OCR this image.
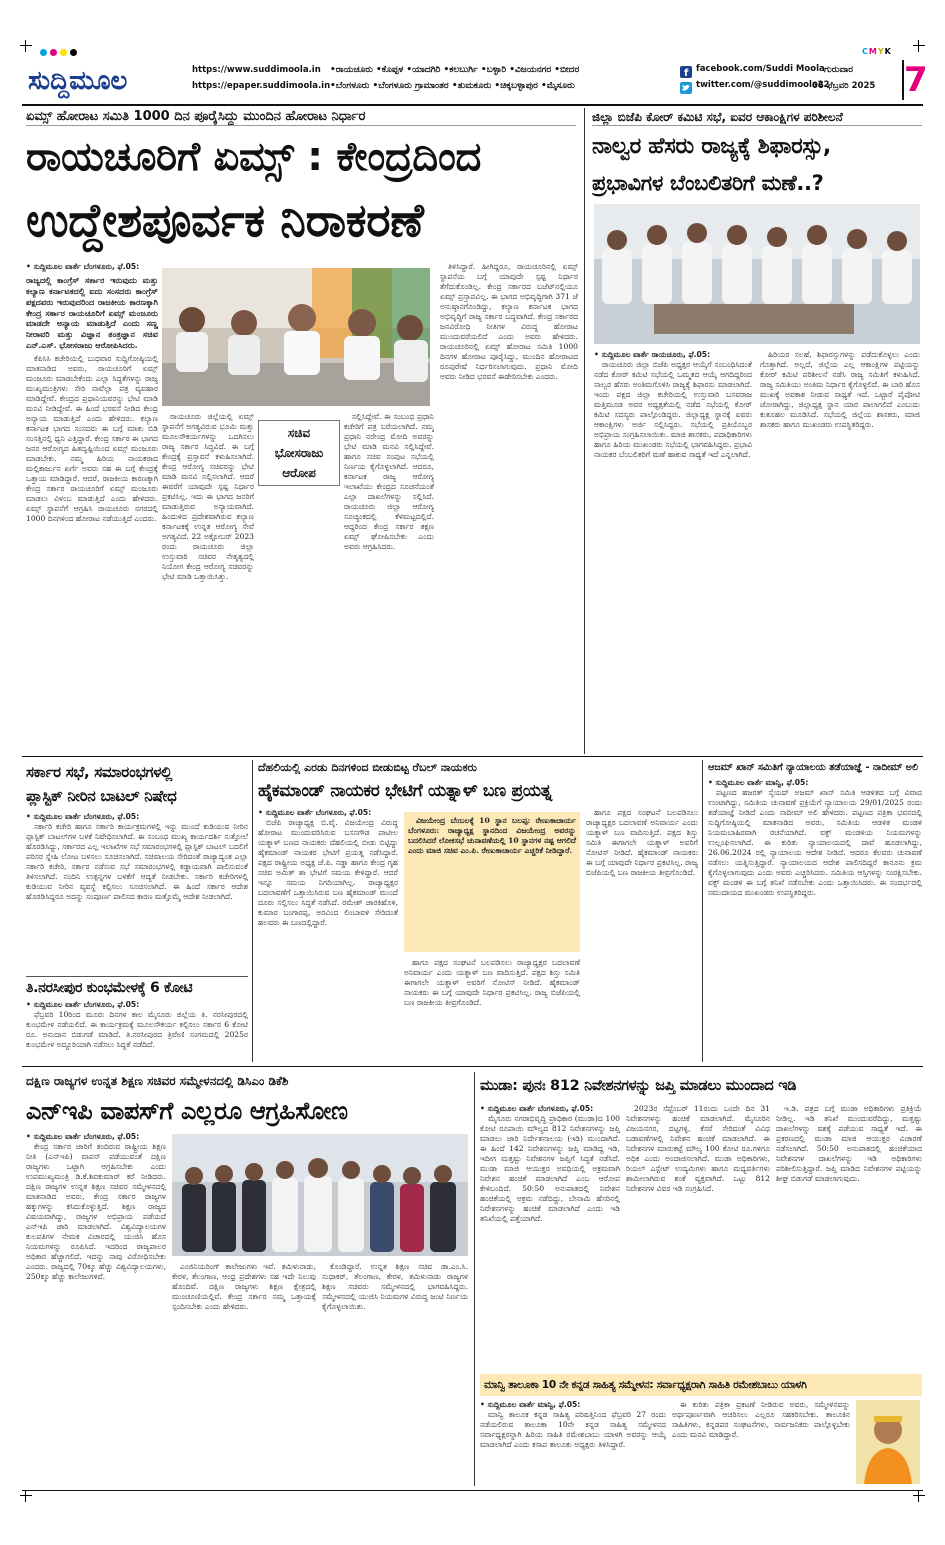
CMYK
ಸುದ್ದಿಮೂಲ	https://www.suddimoola.in
https://epaper.suddimoola.in
•ರಾಯಚೂರು •ಕೊಪ್ಪಳ •ಯಾದಗಿರಿ •ಕಲಬುರ್ಗಿ •ಬಳ್ಳಾರಿ •ವಿಜಯನಗರ •ಬೀದರ
•ಬೆಂಗಳೂರು •ಬೆಂಗಳೂರು ಗ್ರಾಮಾಂತರ •ತುಮಕೂರು •ಚಿಕ್ಕಬಳ್ಳಾಪುರ •ಮೈಸೂರು
f facebook.com/Suddi Moola
twitter.com/@suddimoola22
ಗುರುವಾರ
06 ಫೆಬ್ರವರಿ 2025 7
ಏಮ್ಸ್ ಹೋರಾಟ ಸಮಿತಿ 1000 ದಿನ ಪೂರೈಸಿದ್ದು ಮುಂದಿನ ಹೋರಾಟ ನಿರ್ಧಾರ
ರಾಯಚೂರಿಗೆ ಏಮ್ಸ್ : ಕೇಂದ್ರದಿಂದ
ಉದ್ದೇಶಪೂರ್ವಕ ನಿರಾಕರಣೆ
• ಸುದ್ದಿಮೂಲ ವಾರ್ತೆ ಬೆಂಗಳೂರು, ಫೆ.05:
ರಾಜ್ಯದಲ್ಲಿ ಕಾಂಗ್ರೆಸ್ ಸರ್ಕಾರ ಇರುವುದು ಮತ್ತು ಕಲ್ಯಾಣ ಕರ್ನಾಟಕದಲ್ಲಿ ಐದು ಸಂಸದರು ಕಾಂಗ್ರೆಸ್ ಪಕ್ಷದವರು ಇರುವುದರಿಂದ ರಾಜಕೀಯ ಕಾರಣಕ್ಕಾಗಿ ಕೇಂದ್ರ ಸರ್ಕಾರ ರಾಯಚೂರಿಗೆ ಏಮ್ಸ್ ಮಂಜೂರು ಮಾಡದೇ ಅನ್ಯಾಯ ಮಾಡುತ್ತಿದೆ ಎಂದು ಸಣ್ಣ ನೀರಾವರಿ ಮತ್ತು ವಿಜ್ಞಾನ ತಂತ್ರಜ್ಞಾನ ಸಚಿವ ಎನ್.ಎಸ್. ಭೋಸರಾಜು ಆರೋಪಿಸಿದರು.

ಕೆಪಿಸಿಸಿ ಕಚೇರಿಯಲ್ಲಿ ಬುಧವಾರ ಸುದ್ದಿಗೋಷ್ಠಿಯಲ್ಲಿ ಮಾತನಾಡಿದ ಅವರು, ರಾಯಚೂರಿಗೆ ಏಮ್ಸ್ ಮಂಜೂರು ಮಾಡಬೇಕೆಂದು ಎಲ್ಲಾ ಸಿದ್ಧತೆಗಳನ್ನು ರಾಜ್ಯ ಮುಖ್ಯಮಂತ್ರಿಗಳು ಸೇರಿ ನಾವೆಲ್ಲಾ ಪತ್ರ ವ್ಯವಹಾರ ಮಾಡಿದ್ದೇವೆ. ಕೇಂದ್ರದ ಪ್ರಧಾನಿಯವರನ್ನು ಭೇಟಿ ಮಾಡಿ ಮನವಿ ನೀಡಿದ್ದೇವೆ. ಈ ಹಿಂದೆ ಭರವಸೆ ನೀಡಿದ ಕೇಂದ್ರ ಅನ್ಯಾಯ ಮಾಡುತ್ತಿದೆ ಎಂದು ಹೇಳಿದರು. ಕಲ್ಯಾಣ ಕರ್ನಾಟಕ ಭಾಗದ ಸಂಸದರು ಈ ಬಗ್ಗೆ ಮಾತು ಬಿಡಿ ಸಂಸತ್ತಿನಲ್ಲಿ ಧ್ವನಿ ಎತ್ತಿದ್ದಾರೆ. ಕೇಂದ್ರ ಸರ್ಕಾರ ಈ ಭಾಗದ ಜನರ ಆರೋಗ್ಯದ ಹಿತದೃಷ್ಟಿಯಿಂದ ಏಮ್ಸ್ ಮಂಜೂರು ಮಾಡಬೇಕು. ನಮ್ಮ ಹಿರಿಯ ನಾಯಕರಾದ ಮಲ್ಲಿಕಾರ್ಜುನ ಖರ್ಗೆ ಅವರು ಸಹ ಈ ಬಗ್ಗೆ ಕೇಂದ್ರಕ್ಕೆ ಒತ್ತಾಯ ಮಾಡಿದ್ದಾರೆ. ಆದರೆ, ರಾಜಕೀಯ ಕಾರಣಕ್ಕಾಗಿ ಕೇಂದ್ರ ಸರ್ಕಾರ ರಾಯಚೂರಿಗೆ ಏಮ್ಸ್ ಮಂಜೂರು ಮಾಡಲು ವಿಳಂಬ ಮಾಡುತ್ತಿದೆ ಎಂದು ಹೇಳಿದರು. ಏಮ್ಸ್ ಸ್ಥಾಪನೆಗೆ ಆಗ್ರಹಿಸಿ ರಾಯಚೂರು ನಗರದಲ್ಲಿ 1000 ದಿನಗಳಿಂದ ಹೋರಾಟ ನಡೆಯುತ್ತಿದೆ ಎಂದರು.

ಸಚಿವ
ಭೋಸರಾಜು
ಆರೋಪ

ರಾಯಚೂರು ಜಿಲ್ಲೆಯಲ್ಲಿ ಏಮ್ಸ್ ಸ್ಥಾಪನೆಗೆ ಅಗತ್ಯವಿರುವ ಭೂಮಿ ಮತ್ತು ಮೂಲಸೌಕರ್ಯಗಳನ್ನು ಒದಗಿಸಲು ರಾಜ್ಯ ಸರ್ಕಾರ ಸಿದ್ಧವಿದೆ. ಈ ಬಗ್ಗೆ ಕೇಂದ್ರಕ್ಕೆ ಪ್ರಸ್ತಾವನೆ ಕಳುಹಿಸಲಾಗಿದೆ. ಕೇಂದ್ರ ಆರೋಗ್ಯ ಸಚಿವರನ್ನು ಭೇಟಿ ಮಾಡಿ ಮನವಿ ಸಲ್ಲಿಸಲಾಗಿದೆ. ಆದರೆ ಈವರೆಗೆ ಯಾವುದೇ ಸ್ಪಷ್ಟ ನಿರ್ಧಾರ ಪ್ರಕಟಿಸಿಲ್ಲ. ಇದು ಈ ಭಾಗದ ಜನರಿಗೆ ಮಾಡುತ್ತಿರುವ ಅನ್ಯಾಯವಾಗಿದೆ. ಹಿಂದುಳಿದ ಪ್ರದೇಶವಾಗಿರುವ ಕಲ್ಯಾಣ ಕರ್ನಾಟಕಕ್ಕೆ ಉನ್ನತ ಆರೋಗ್ಯ ಸೇವೆ ಅಗತ್ಯವಿದೆ. 22 ಅಕ್ಟೋಬರ್ 2023 ರಂದು ರಾಯಚೂರು ಜಿಲ್ಲಾ ಉಸ್ತುವಾರಿ ಸಚಿವರ ನೇತೃತ್ವದಲ್ಲಿ ನಿಯೋಗ ಕೇಂದ್ರ ಆರೋಗ್ಯ ಸಚಿವರನ್ನು ಭೇಟಿ ಮಾಡಿ ಒತ್ತಾಯಿಸಿತ್ತು.

ಸಲ್ಲಿಸಿದ್ದೇವೆ. ಈ ಸಂಬಂಧ ಪ್ರಧಾನಿ ಕಚೇರಿಗೆ ಪತ್ರ ಬರೆಯಲಾಗಿದೆ. ನಮ್ಮ ಪ್ರಧಾನಿ ನರೇಂದ್ರ ಮೋದಿ ಅವರನ್ನು ಭೇಟಿ ಮಾಡಿ ಮನವಿ ಸಲ್ಲಿಸಿದ್ದೇವೆ. ಹಾಗೂ ಸಚಿವ ಸಂಪುಟ ಸಭೆಯಲ್ಲಿ ನಿರ್ಣಯ ಕೈಗೊಳ್ಳಲಾಗಿದೆ. ಆದರೂ, ಕರ್ನಾಟಕ ರಾಜ್ಯ ಆರೋಗ್ಯ ಇಲಾಖೆಯು ಕೇಂದ್ರದ ಸೂಚನೆಯಂತೆ ಎಲ್ಲಾ ದಾಖಲೆಗಳನ್ನು ಸಲ್ಲಿಸಿದೆ. ರಾಯಚೂರು ಜಿಲ್ಲಾ ಆರೋಗ್ಯ ಸೂಚ್ಯಂಕದಲ್ಲಿ ಕೆಳಮಟ್ಟದಲ್ಲಿದೆ. ಆದ್ದರಿಂದ ಕೇಂದ್ರ ಸರ್ಕಾರ ತಕ್ಷಣ ಏಮ್ಸ್ ಘೋಷಿಸಬೇಕು ಎಂದು ಅವರು ಆಗ್ರಹಿಸಿದರು.

ತಿಳಿಸಿದ್ದಾರೆ. ಹೀಗಿದ್ದರೂ, ರಾಯಚೂರಿನಲ್ಲಿ ಏಮ್ಸ್ ಸ್ಥಾಪನೆಯ ಬಗ್ಗೆ ಯಾವುದೇ ಸ್ಪಷ್ಟ ನಿರ್ಧಾರ ತೆಗೆದುಕೊಂಡಿಲ್ಲ. ಕೇಂದ್ರ ಸರ್ಕಾರದ ಬಜೆಟ್‌ನಲ್ಲಿಯೂ ಏಮ್ಸ್ ಪ್ರಸ್ತಾಪವಿಲ್ಲ. ಈ ಭಾಗದ ಅಭಿವೃದ್ಧಿಗಾಗಿ 371 ಜೆ ಅನುಷ್ಠಾನಗೊಂಡಿದ್ದು, ಕಲ್ಯಾಣ ಕರ್ನಾಟಕ ಭಾಗದ ಅಭಿವೃದ್ಧಿಗೆ ರಾಜ್ಯ ಸರ್ಕಾರ ಬದ್ಧವಾಗಿದೆ. ಕೇಂದ್ರ ಸರ್ಕಾರದ ಜನವಿರೋಧಿ ನೀತಿಗಳ ವಿರುದ್ಧ ಹೋರಾಟ ಮುಂದುವರೆಯಲಿದೆ ಎಂದು ಅವರು ಹೇಳಿದರು. ರಾಯಚೂರಿನಲ್ಲಿ ಏಮ್ಸ್ ಹೋರಾಟ ಸಮಿತಿ 1000 ದಿನಗಳ ಹೋರಾಟ ಪೂರೈಸಿದ್ದು, ಮುಂದಿನ ಹೋರಾಟದ ರೂಪುರೇಷೆ ನಿರ್ಧರಿಸಲಾಗುವುದು. ಪ್ರಧಾನಿ ಮೋದಿ ಅವರು ನೀಡಿದ ಭರವಸೆ ಈಡೇರಿಸಬೇಕು ಎಂದರು.

ಜಿಲ್ಲಾ ಬಿಜೆಪಿ ಕೋರ್ ಕಮಿಟಿ ಸಭೆ, ಐವರ ಆಕಾಂಕ್ಷಿಗಳ ಪರಿಶೀಲನೆ
ನಾಲ್ವರ ಹೆಸರು ರಾಜ್ಯಕ್ಕೆ ಶಿಫಾರಸ್ಸು,
ಪ್ರಭಾವಿಗಳ ಬೆಂಬಲಿತರಿಗೆ ಮಣೆ..?
• ಸುದ್ದಿಮೂಲ ವಾರ್ತೆ ರಾಯಚೂರು, ಫೆ.05:

ರಾಯಚೂರು ಜಿಲ್ಲಾ ಬಿಜೆಪಿ ಅಧ್ಯಕ್ಷರ ಆಯ್ಕೆಗೆ ಸಂಬಂಧಿಸಿದಂತೆ ನಡೆದ ಕೋರ್ ಕಮಿಟಿ ಸಭೆಯಲ್ಲಿ ಒಮ್ಮತದ ಆಯ್ಕೆ ಆಗದಿದ್ದರಿಂದ ನಾಲ್ವರ ಹೆಸರು ಅಂತಿಮಗೊಳಿಸಿ ರಾಜ್ಯಕ್ಕೆ ಶಿಫಾರಸು ಮಾಡಲಾಗಿದೆ. ಇಂದು ಪಕ್ಷದ ಜಿಲ್ಲಾ ಕಚೇರಿಯಲ್ಲಿ ಉಸ್ತುವಾರಿ ಬಸವರಾಜ ಮತ್ತಿಮೂಡ ಅವರ ಅಧ್ಯಕ್ಷತೆಯಲ್ಲಿ ನಡೆದ ಸಭೆಯಲ್ಲಿ ಕೋರ್ ಕಮಿಟಿ ಸದಸ್ಯರು ಪಾಲ್ಗೊಂಡಿದ್ದರು. ಜಿಲ್ಲಾಧ್ಯಕ್ಷ ಸ್ಥಾನಕ್ಕೆ ಐವರು ಆಕಾಂಕ್ಷಿಗಳು ಅರ್ಜಿ ಸಲ್ಲಿಸಿದ್ದರು. ಸಭೆಯಲ್ಲಿ ಪ್ರತಿಯೊಬ್ಬರ ಅಭಿಪ್ರಾಯ ಸಂಗ್ರಹಿಸಲಾಯಿತು. ಮಾಜಿ ಶಾಸಕರು, ಪದಾಧಿಕಾರಿಗಳು ಹಾಗೂ ಹಿರಿಯ ಮುಖಂಡರು ಸಭೆಯಲ್ಲಿ ಭಾಗವಹಿಸಿದ್ದರು. ಪ್ರಭಾವಿ ನಾಯಕರ ಬೆಂಬಲಿತರಿಗೆ ಮಣೆ ಹಾಕುವ ಸಾಧ್ಯತೆ ಇದೆ ಎನ್ನಲಾಗಿದೆ.

ಹಿರಿಯರ ಸಲಹೆ, ಶಿಫಾರಸ್ಸುಗಳನ್ನು ಪಡೆದುಕೊಳ್ಳಲು ಎಂದು ಗೊತ್ತಾಗಿದೆ. ಅಲ್ಲದೆ, ಜಿಲ್ಲೆಯ ಎಲ್ಲ ಆಕಾಂಕ್ಷಿಗಳ ಪಟ್ಟಿಯನ್ನು ಕೋರ್ ಕಮಿಟಿ ಪರಿಶೀಲನೆ ನಡೆಸಿ ರಾಜ್ಯ ಸಮಿತಿಗೆ ಕಳುಹಿಸಿದೆ. ರಾಜ್ಯ ಸಮಿತಿಯು ಅಂತಿಮ ನಿರ್ಧಾರ ಕೈಗೊಳ್ಳಲಿದೆ. ಈ ಬಾರಿ ಹೊಸ ಮುಖಕ್ಕೆ ಅವಕಾಶ ನೀಡುವ ಸಾಧ್ಯತೆ ಇದೆ. ಒಟ್ಟಾರೆ ಪೈಪೋಟಿ ಜೋರಾಗಿದ್ದು, ಜಿಲ್ಲಾಧ್ಯಕ್ಷ ಸ್ಥಾನ ಯಾರ ಪಾಲಾಗಲಿದೆ ಎಂಬುದು ಕುತೂಹಲ ಮೂಡಿಸಿದೆ. ಸಭೆಯಲ್ಲಿ ಜಿಲ್ಲೆಯ ಶಾಸಕರು, ಮಾಜಿ ಶಾಸಕರು ಹಾಗೂ ಮುಖಂಡರು ಉಪಸ್ಥಿತರಿದ್ದರು.

ಸರ್ಕಾರ ಸಭೆ, ಸಮಾರಂಭಗಳಲ್ಲಿ
ಪ್ಲಾಸ್ಟಿಕ್ ನೀರಿನ ಬಾಟಲ್ ನಿಷೇಧ
• ಸುದ್ದಿಮೂಲ ವಾರ್ತೆ ಬೆಂಗಳೂರು, ಫೆ.05:

ಸರ್ಕಾರಿ ಕಚೇರಿ ಹಾಗೂ ಸರ್ಕಾರಿ ಕಾರ್ಯಕ್ರಮಗಳಲ್ಲಿ ಇನ್ನು ಮುಂದೆ ಕುಡಿಯುವ ನೀರಿನ ಪ್ಲಾಸ್ಟಿಕ್ ಬಾಟಲ್‌ಗಳ ಬಳಕೆ ನಿಷೇಧಿಸಲಾಗಿದೆ. ಈ ಸಂಬಂಧ ಮುಖ್ಯ ಕಾರ್ಯದರ್ಶಿ ಸುತ್ತೋಲೆ ಹೊರಡಿಸಿದ್ದು, ಸರ್ಕಾರದ ಎಲ್ಲ ಇಲಾಖೆಗಳ ಸಭೆ ಸಮಾರಂಭಗಳಲ್ಲಿ ಪ್ಲಾಸ್ಟಿಕ್ ಬಾಟಲ್ ಬದಲಿಗೆ ಪರಿಸರ ಸ್ನೇಹಿ ಲೋಟ ಬಳಸಲು ಸೂಚಿಸಲಾಗಿದೆ. ಸಚಿವಾಲಯ ಸೇರಿದಂತೆ ರಾಜ್ಯಾದ್ಯಂತ ಎಲ್ಲಾ ಸರ್ಕಾರಿ ಕಚೇರಿ, ಸರ್ಕಾರ ನಡೆಸುವ ಸಭೆ ಸಮಾರಂಭಗಳಲ್ಲಿ ಕಡ್ಡಾಯವಾಗಿ ಪಾಲಿಸುವಂತೆ ತಿಳಿಸಲಾಗಿದೆ. ನಂದಿನಿ ಉತ್ಪನ್ನಗಳ ಬಳಕೆಗೆ ಆದ್ಯತೆ ನೀಡಬೇಕು. ಸರ್ಕಾರಿ ಕಚೇರಿಗಳಲ್ಲಿ ಕುಡಿಯುವ ನೀರಿನ ವ್ಯವಸ್ಥೆ ಕಲ್ಪಿಸಲು ಸೂಚಿಸಲಾಗಿದೆ. ಈ ಹಿಂದೆ ಸರ್ಕಾರ ಆದೇಶ ಹೊರಡಿಸಿದ್ದರೂ ಅದನ್ನು ಸಂಪೂರ್ಣ ಪಾಲಿಸದ ಕಾರಣ ಮತ್ತೊಮ್ಮೆ ಆದೇಶ ನೀಡಲಾಗಿದೆ.

ತಿ.ನರಸೀಪುರ ಕುಂಭಮೇಳಕ್ಕೆ 6 ಕೋಟಿ
• ಸುದ್ದಿಮೂಲ ವಾರ್ತೆ ಬೆಂಗಳೂರು, ಫೆ.05:

ಫೆಬ್ರವರಿ 10ರಿಂದ ಮೂರು ದಿನಗಳ ಕಾಲ ಮೈಸೂರು ಜಿಲ್ಲೆಯ ತಿ. ನರಸೀಪುರದಲ್ಲಿ ಕುಂಭಮೇಳ ನಡೆಯಲಿದೆ. ಈ ಕಾರ್ಯಕ್ರಮಕ್ಕೆ ಮೂಲಸೌಕರ್ಯ ಕಲ್ಪಿಸಲು ಸರ್ಕಾರ 6 ಕೋಟಿ ರೂ. ಅನುದಾನ ಬಿಡುಗಡೆ ಮಾಡಿದೆ. ತಿ.ನರಸೀಪುರದ ತ್ರಿವೇಣಿ ಸಂಗಮದಲ್ಲಿ 2025ರ ಕುಂಭಮೇಳ ಅದ್ದೂರಿಯಾಗಿ ನಡೆಸಲು ಸಿದ್ಧತೆ ನಡೆದಿದೆ.

ದೆಹಲಿಯಲ್ಲಿ ಎರಡು ದಿನಗಳಿಂದ ಬೀಡುಬಿಟ್ಟ ರೆಬಲ್ ನಾಯಕರು
ಹೈಕಮಾಂಡ್ ನಾಯಕರ ಭೇಟಿಗೆ ಯತ್ನಾಳ್ ಬಣ ಪ್ರಯತ್ನ
• ಸುದ್ದಿಮೂಲ ವಾರ್ತೆ ಬೆಂಗಳೂರು, ಫೆ.05:

ಬಿಜೆಪಿ ರಾಜ್ಯಾಧ್ಯಕ್ಷ ಬಿ.ವೈ. ವಿಜಯೇಂದ್ರ ವಿರುದ್ಧ ಹೋರಾಟ ಮುಂದುವರಿಸಿರುವ ಬಸನಗೌಡ ಪಾಟೀಲ ಯತ್ನಾಳ್ ಬಣದ ನಾಯಕರು ದೆಹಲಿಯಲ್ಲಿ ಬೀಡು ಬಿಟ್ಟಿದ್ದು ಹೈಕಮಾಂಡ್ ನಾಯಕರ ಭೇಟಿಗೆ ಪ್ರಯತ್ನ ನಡೆಸಿದ್ದಾರೆ. ಪಕ್ಷದ ರಾಷ್ಟ್ರೀಯ ಅಧ್ಯಕ್ಷ ಜೆ.ಪಿ. ನಡ್ಡಾ ಹಾಗೂ ಕೇಂದ್ರ ಗೃಹ ಸಚಿವ ಅಮಿತ್ ಶಾ ಭೇಟಿಗೆ ಸಮಯ ಕೇಳಿದ್ದಾರೆ. ಆದರೆ ಇನ್ನೂ ಸಮಯ ನಿಗದಿಯಾಗಿಲ್ಲ. ರಾಜ್ಯಾಧ್ಯಕ್ಷರ ಬದಲಾವಣೆಗೆ ಒತ್ತಾಯಿಸಿರುವ ಬಣ ಹೈಕಮಾಂಡ್ ಮುಂದೆ ದೂರು ಸಲ್ಲಿಸಲು ಸಿದ್ಧತೆ ನಡೆಸಿದೆ. ರಮೇಶ್ ಜಾರಕಿಹೊಳಿ, ಕುಮಾರ ಬಂಗಾರಪ್ಪ, ಅರವಿಂದ ಲಿಂಬಾವಳಿ ಸೇರಿದಂತೆ ಹಲವರು ಈ ಬಣದಲ್ಲಿದ್ದಾರೆ.

ವಿಜಯೇಂದ್ರ ಬೆಂಬಲಕ್ಕೆ 10 ಸ್ಥಾನ ಬಲಪ್ಪ: ರೇಣುಕಾಚಾರ್ಯ ಬೆಂಗಳೂರು: ರಾಜ್ಯಾಧ್ಯಕ್ಷ ಸ್ಥಾನದಿಂದ ವಿಜಯೇಂದ್ರ ಅವರನ್ನು ಬದಲಿಸಿದರೆ ಲೋಕಸಭೆ ಚುನಾವಣೆಯಲ್ಲಿ 10 ಸ್ಥಾನಗಳ ನಷ್ಟ ಆಗಲಿದೆ ಎಂದು ಮಾಜಿ ಸಚಿವ ಎಂ.ಪಿ. ರೇಣುಕಾಚಾರ್ಯ ಎಚ್ಚರಿಕೆ ನೀಡಿದ್ದಾರೆ.

ಹಾಗೂ ಪಕ್ಷದ ಸಂಘಟನೆ ಬಲಪಡಿಸಲು ರಾಜ್ಯಾಧ್ಯಕ್ಷರ ಬದಲಾವಣೆ ಅನಿವಾರ್ಯ ಎಂದು ಯತ್ನಾಳ್ ಬಣ ವಾದಿಸುತ್ತಿದೆ. ಪಕ್ಷದ ಶಿಸ್ತು ಸಮಿತಿ ಈಗಾಗಲೇ ಯತ್ನಾಳ್ ಅವರಿಗೆ ನೋಟಿಸ್ ನೀಡಿದೆ. ಹೈಕಮಾಂಡ್ ನಾಯಕರು ಈ ಬಗ್ಗೆ ಯಾವುದೇ ನಿರ್ಧಾರ ಪ್ರಕಟಿಸಿಲ್ಲ. ರಾಜ್ಯ ಬಿಜೆಪಿಯಲ್ಲಿ ಬಣ ರಾಜಕೀಯ ತೀವ್ರಗೊಂಡಿದೆ.

ಹಾಗೂ ಪಕ್ಷದ ಸಂಘಟನೆ ಬಲಪಡಿಸಲು ರಾಜ್ಯಾಧ್ಯಕ್ಷರ ಬದಲಾವಣೆ ಅನಿವಾರ್ಯ ಎಂದು ಯತ್ನಾಳ್ ಬಣ ವಾದಿಸುತ್ತಿದೆ. ಪಕ್ಷದ ಶಿಸ್ತು ಸಮಿತಿ ಈಗಾಗಲೇ ಯತ್ನಾಳ್ ಅವರಿಗೆ ನೋಟಿಸ್ ನೀಡಿದೆ. ಹೈಕಮಾಂಡ್ ನಾಯಕರು ಈ ಬಗ್ಗೆ ಯಾವುದೇ ನಿರ್ಧಾರ ಪ್ರಕಟಿಸಿಲ್ಲ. ರಾಜ್ಯ ಬಿಜೆಪಿಯಲ್ಲಿ ಬಣ ರಾಜಕೀಯ ತೀವ್ರಗೊಂಡಿದೆ.

ಆಜಮ್ ಖಾನ್ ಸಮಿತಿಗೆ ನ್ಯಾಯಾಲಯ ತಡೆಯಾಜ್ಞೆ - ನಾದೀಮ್ ಅಲಿ
• ಸುದ್ದಿಮೂಲ ವಾರ್ತೆ ಮಾನ್ವಿ, ಫೆ.05:

ಪಟ್ಟಣದ ಹಜರತ್ ಸೈಯದ್ ಅಜಮ್ ಖಾನ್ ಸಮಿತಿ ಆಡಳಿತದ ಬಗ್ಗೆ ವಿವಾದ ಉಂಟಾಗಿದ್ದು, ಸಮಿತಿಯ ಚುನಾವಣೆ ಪ್ರಕ್ರಿಯೆಗೆ ನ್ಯಾಯಾಲಯ 29/01/2025 ರಂದು ತಡೆಯಾಜ್ಞೆ ನೀಡಿದೆ ಎಂದು ನಾದೀಮ್ ಅಲಿ ಹೇಳಿದರು. ಪಟ್ಟಣದ ಪತ್ರಿಕಾ ಭವನದಲ್ಲಿ ಸುದ್ದಿಗೋಷ್ಠಿಯಲ್ಲಿ ಮಾತನಾಡಿದ ಅವರು, ಸಮಿತಿಯ ಆಡಳಿತ ಮಂಡಳಿ ನಿಯಮಬಾಹಿರವಾಗಿ ರಚನೆಯಾಗಿದೆ. ವಕ್ಫ್ ಮಂಡಳಿಯ ನಿಯಮಗಳನ್ನು ಉಲ್ಲಂಘಿಸಲಾಗಿದೆ. ಈ ಕುರಿತು ನ್ಯಾಯಾಲಯದಲ್ಲಿ ದಾವೆ ಹೂಡಲಾಗಿದ್ದು, 26.06.2024 ರಲ್ಲಿ ನ್ಯಾಯಾಲಯ ಆದೇಶ ನೀಡಿದೆ. ಆದರೂ ಕೆಲವರು ಚುನಾವಣೆ ನಡೆಸಲು ಯತ್ನಿಸುತ್ತಿದ್ದಾರೆ. ನ್ಯಾಯಾಲಯದ ಆದೇಶ ಪಾಲಿಸದಿದ್ದರೆ ಕಾನೂನು ಕ್ರಮ ಕೈಗೊಳ್ಳಲಾಗುವುದು ಎಂದು ಅವರು ಎಚ್ಚರಿಸಿದರು. ಸಮಿತಿಯ ಆಸ್ತಿಗಳನ್ನು ಸಂರಕ್ಷಿಸಬೇಕು. ವಕ್ಫ್ ಮಂಡಳಿ ಈ ಬಗ್ಗೆ ತನಿಖೆ ನಡೆಸಬೇಕು ಎಂದು ಒತ್ತಾಯಿಸಿದರು. ಈ ಸಂದರ್ಭದಲ್ಲಿ ಸಮುದಾಯದ ಮುಖಂಡರು ಉಪಸ್ಥಿತರಿದ್ದರು.

ದಕ್ಷಿಣ ರಾಜ್ಯಗಳ ಉನ್ನತ ಶಿಕ್ಷಣ ಸಚಿವರ ಸಮ್ಮೇಳನದಲ್ಲಿ ಡಿಸಿಎಂ ಡಿಕೆಶಿ
ಎನ್ಇಪಿ ವಾಪಸ್‌ಗೆ ಎಲ್ಲರೂ ಆಗ್ರಹಿಸೋಣ
• ಸುದ್ದಿಮೂಲ ವಾರ್ತೆ ಬೆಂಗಳೂರು, ಫೆ.05:

ಕೇಂದ್ರ ಸರ್ಕಾರ ಜಾರಿಗೆ ತಂದಿರುವ ರಾಷ್ಟ್ರೀಯ ಶಿಕ್ಷಣ ನೀತಿ (ಎನ್ಇಪಿ) ವಾಪಸ್ ಪಡೆಯುವಂತೆ ದಕ್ಷಿಣ ರಾಜ್ಯಗಳು ಒಟ್ಟಾಗಿ ಆಗ್ರಹಿಸಬೇಕು ಎಂದು ಉಪಮುಖ್ಯಮಂತ್ರಿ ಡಿ.ಕೆ.ಶಿವಕುಮಾರ್ ಕರೆ ನೀಡಿದರು. ದಕ್ಷಿಣ ರಾಜ್ಯಗಳ ಉನ್ನತ ಶಿಕ್ಷಣ ಸಚಿವರ ಸಮ್ಮೇಳನದಲ್ಲಿ ಮಾತನಾಡಿದ ಅವರು, ಕೇಂದ್ರ ಸರ್ಕಾರ ರಾಜ್ಯಗಳ ಹಕ್ಕುಗಳನ್ನು ಕಸಿದುಕೊಳ್ಳುತ್ತಿದೆ. ಶಿಕ್ಷಣ ರಾಜ್ಯದ ವಿಷಯವಾಗಿದ್ದು, ರಾಜ್ಯಗಳ ಅಭಿಪ್ರಾಯ ಪಡೆಯದೆ ಎನ್ಇಪಿ ಜಾರಿ ಮಾಡಲಾಗಿದೆ. ವಿಶ್ವವಿದ್ಯಾಲಯಗಳ ಕುಲಪತಿಗಳ ನೇಮಕ ವಿಚಾರದಲ್ಲಿ ಯುಜಿಸಿ ಹೊಸ ನಿಯಮಗಳನ್ನು ರೂಪಿಸಿದೆ. ಇದರಿಂದ ರಾಜ್ಯಪಾಲರ ಅಧಿಕಾರ ಹೆಚ್ಚಾಗಲಿದೆ. ಇದನ್ನು ನಾವು ವಿರೋಧಿಸಬೇಕು ಎಂದರು. ರಾಜ್ಯದಲ್ಲಿ 70ಕ್ಕೂ ಹೆಚ್ಚು ವಿಶ್ವವಿದ್ಯಾಲಯಗಳು, 250ಕ್ಕೂ ಹೆಚ್ಚು ಕಾಲೇಜುಗಳಿವೆ.

ಎಂಜಿನಿಯರಿಂಗ್ ಕಾಲೇಜುಗಳು ಇವೆ. ತಮಿಳುನಾಡು, ಕೇರಳ, ತೆಲಂಗಾಣ, ಆಂಧ್ರ ಪ್ರದೇಶಗಳು ಸಹ ಇದೇ ನಿಲುವು ಹೊಂದಿವೆ. ದಕ್ಷಿಣ ರಾಜ್ಯಗಳು ಶಿಕ್ಷಣ ಕ್ಷೇತ್ರದಲ್ಲಿ ಮುಂಚೂಣಿಯಲ್ಲಿವೆ. ಕೇಂದ್ರ ಸರ್ಕಾರ ನಮ್ಮ ಒತ್ತಾಯಕ್ಕೆ ಸ್ಪಂದಿಸಬೇಕು ಎಂದು ಹೇಳಿದರು.

ಕೊಂಡಿದ್ದಾರೆ. ಉನ್ನತ ಶಿಕ್ಷಣ ಸಚಿವ ಡಾ.ಎಂ.ಸಿ. ಸುಧಾಕರ್, ತೆಲಂಗಾಣ, ಕೇರಳ, ತಮಿಳುನಾಡು ರಾಜ್ಯಗಳ ಶಿಕ್ಷಣ ಸಚಿವರು ಸಮ್ಮೇಳನದಲ್ಲಿ ಭಾಗವಹಿಸಿದ್ದರು. ಸಮ್ಮೇಳನದಲ್ಲಿ ಯುಜಿಸಿ ನಿಯಮಗಳ ವಿರುದ್ಧ ಜಂಟಿ ನಿರ್ಣಯ ಕೈಗೊಳ್ಳಲಾಯಿತು.

ಮುಡಾ: ಪುನಃ 812 ನಿವೇಶನಗಳನ್ನು ಜಪ್ತಿ ಮಾಡಲು ಮುಂದಾದ ಇಡಿ
• ಸುದ್ದಿಮೂಲ ವಾರ್ತೆ ಬೆಂಗಳೂರು, ಫೆ.05:

ಮೈಸೂರು ನಗರಾಭಿವೃದ್ಧಿ ಪ್ರಾಧಿಕಾರ (ಮುಡಾ)ದ 100 ಕೋಟಿ ರೂಪಾಯಿ ಮೌಲ್ಯದ 812 ನಿವೇಶನಗಳನ್ನು ಜಪ್ತಿ ಮಾಡಲು ಜಾರಿ ನಿರ್ದೇಶನಾಲಯ (ಇಡಿ) ಮುಂದಾಗಿದೆ. ಈ ಹಿಂದೆ 142 ನಿವೇಶನಗಳನ್ನು ಜಪ್ತಿ ಮಾಡಿದ್ದ ಇಡಿ, ಇದೀಗ ಮತ್ತಷ್ಟು ನಿವೇಶನಗಳ ಜಪ್ತಿಗೆ ಸಿದ್ಧತೆ ನಡೆಸಿದೆ. ಮುಡಾ ಮಾಜಿ ಆಯುಕ್ತರ ಅವಧಿಯಲ್ಲಿ ಅಕ್ರಮವಾಗಿ ನಿವೇಶನ ಹಂಚಿಕೆ ಮಾಡಲಾಗಿದೆ ಎಂಬ ಆರೋಪ ಕೇಳಿಬಂದಿದೆ. 50:50 ಅನುಪಾತದಲ್ಲಿ ನಿವೇಶನ ಹಂಚಿಕೆಯಲ್ಲಿ ಅಕ್ರಮ ನಡೆದಿದ್ದು, ಬೇನಾಮಿ ಹೆಸರಿನಲ್ಲಿ ನಿವೇಶನಗಳನ್ನು ಹಂಚಿಕೆ ಮಾಡಲಾಗಿದೆ ಎಂದು ಇಡಿ ತನಿಖೆಯಲ್ಲಿ ಪತ್ತೆಯಾಗಿದೆ.

2023ರ ಸೆಪ್ಟೆಂಬರ್ 11ರಂದು ಒಂದೇ ದಿನ 31 ನಿವೇಶನಗಳನ್ನು ಹಂಚಿಕೆ ಮಾಡಲಾಗಿದೆ. ಮೈಸೂರಿನ ವಿಜಯನಗರ, ದಟ್ಟಗಳ್ಳಿ, ಕೆಸರೆ ಸೇರಿದಂತೆ ವಿವಿಧ ಬಡಾವಣೆಗಳಲ್ಲಿ ನಿವೇಶನ ಹಂಚಿಕೆ ಮಾಡಲಾಗಿದೆ. ಈ ನಿವೇಶನಗಳ ಮಾರುಕಟ್ಟೆ ಮೌಲ್ಯ 100 ಕೋಟಿ ರೂ.ಗಳಿಗೂ ಅಧಿಕ ಎಂದು ಅಂದಾಜಿಸಲಾಗಿದೆ. ಮುಡಾ ಅಧಿಕಾರಿಗಳು, ರಿಯಲ್ ಎಸ್ಟೇಟ್ ಉದ್ಯಮಿಗಳು ಹಾಗೂ ಮಧ್ಯವರ್ತಿಗಳು ಶಾಮೀಲಾಗಿರುವ ಶಂಕೆ ವ್ಯಕ್ತವಾಗಿದೆ. ಒಟ್ಟು 812 ನಿವೇಶನಗಳ ವಿವರ ಇಡಿ ಸಂಗ್ರಹಿಸಿದೆ.

ಇ.ಡಿ. ಪತ್ರದ ಬಗ್ಗೆ ಮುಡಾ ಅಧಿಕಾರಿಗಳು ಪ್ರತಿಕ್ರಿಯೆ ನೀಡಿಲ್ಲ. ಇಡಿ ತನಿಖೆ ಮುಂದುವರೆದಿದ್ದು, ಮತ್ತಷ್ಟು ದಾಖಲೆಗಳನ್ನು ವಶಕ್ಕೆ ಪಡೆಯುವ ಸಾಧ್ಯತೆ ಇದೆ. ಈ ಪ್ರಕರಣದಲ್ಲಿ ಮುಡಾ ಮಾಜಿ ಆಯುಕ್ತರ ವಿಚಾರಣೆ ನಡೆಸಲಾಗಿದೆ. 50:50 ಅನುಪಾತದಲ್ಲಿ ಹಂಚಿಕೆಯಾದ ನಿವೇಶನಗಳ ದಾಖಲೆಗಳನ್ನು ಇಡಿ ಅಧಿಕಾರಿಗಳು ಪರಿಶೀಲಿಸುತ್ತಿದ್ದಾರೆ. ಜಪ್ತಿ ಮಾಡಿದ ನಿವೇಶನಗಳ ಪಟ್ಟಿಯನ್ನು ಶೀಘ್ರ ಬಿಡುಗಡೆ ಮಾಡಲಾಗುವುದು.

ಮಾನ್ವಿ ತಾಲೂಕಾ 10 ನೇ ಕನ್ನಡ ಸಾಹಿತ್ಯ ಸಮ್ಮೇಳನ: ಸರ್ವಾಧ್ಯಕ್ಷರಾಗಿ ಸಾಹಿತಿ ರಮೇಶಬಾಬು ಯಾಳಗಿ
• ಸುದ್ದಿಮೂಲ ವಾರ್ತೆ ಮಾನ್ವಿ, ಫೆ.05:

ಮಾನ್ವಿ ತಾಲೂಕ ಕನ್ನಡ ಸಾಹಿತ್ಯ ಪರಿಷತ್ತಿನಿಂದ ಫೆಬ್ರವರಿ 27 ರಂದು ನಡೆಯಲಿರುವ ತಾಲೂಕಾ 10ನೇ ಕನ್ನಡ ಸಾಹಿತ್ಯ ಸಮ್ಮೇಳನದ ಸರ್ವಾಧ್ಯಕ್ಷರನ್ನಾಗಿ ಹಿರಿಯ ಸಾಹಿತಿ ರಮೇಶಬಾಬು ಯಾಳಗಿ ಅವರನ್ನು ಆಯ್ಕೆ ಮಾಡಲಾಗಿದೆ ಎಂದು ಕಸಾಪ ತಾಲೂಕು ಅಧ್ಯಕ್ಷರು ತಿಳಿಸಿದ್ದಾರೆ.

ಈ ಕುರಿತು ಪತ್ರಿಕಾ ಪ್ರಕಟಣೆ ನೀಡಿರುವ ಅವರು, ಸಮ್ಮೇಳನವನ್ನು ಅರ್ಥಪೂರ್ಣವಾಗಿ ಆಚರಿಸಲು ಎಲ್ಲರೂ ಸಹಕರಿಸಬೇಕು. ತಾಲೂಕಿನ ಸಾಹಿತಿಗಳು, ಕನ್ನಡಪರ ಸಂಘಟನೆಗಳು, ಸಾರ್ವಜನಿಕರು ಪಾಲ್ಗೊಳ್ಳಬೇಕು ಎಂದು ಮನವಿ ಮಾಡಿದ್ದಾರೆ.
